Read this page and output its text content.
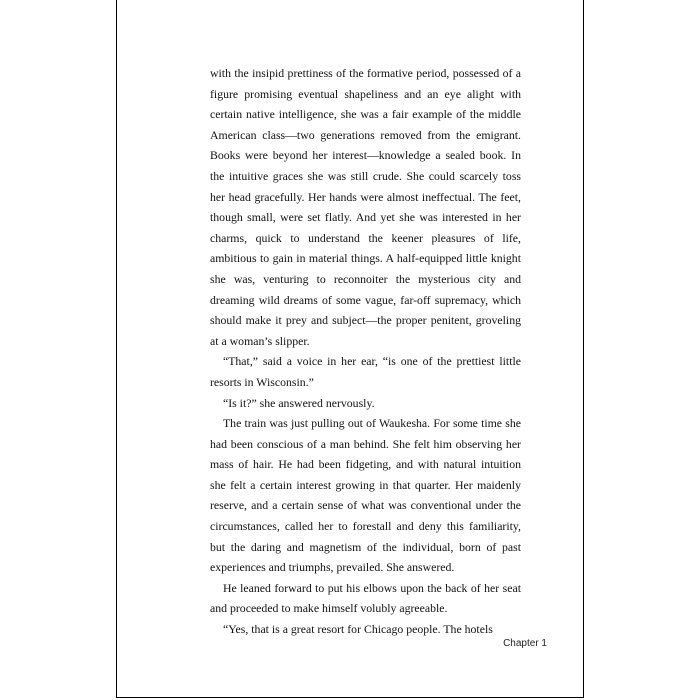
with the insipid prettiness of the formative period, possessed of a figure promising eventual shapeliness and an eye alight with certain native intelligence, she was a fair example of the middle American class—two generations removed from the emigrant. Books were beyond her interest—knowledge a sealed book. In the intuitive graces she was still crude. She could scarcely toss her head gracefully. Her hands were almost ineffectual. The feet, though small, were set flatly. And yet she was interested in her charms, quick to understand the keener pleasures of life, ambitious to gain in material things. A half-equipped little knight she was, venturing to reconnoiter the mysterious city and dreaming wild dreams of some vague, far-off supremacy, which should make it prey and subject—the proper penitent, groveling at a woman’s slipper.

“That,” said a voice in her ear, “is one of the prettiest little resorts in Wisconsin.”

“Is it?” she answered nervously.

The train was just pulling out of Waukesha. For some time she had been conscious of a man behind. She felt him observing her mass of hair. He had been fidgeting, and with natural intuition she felt a certain interest growing in that quarter. Her maidenly reserve, and a certain sense of what was conventional under the circumstances, called her to forestall and deny this familiarity, but the daring and magnetism of the individual, born of past experiences and triumphs, prevailed. She answered.

He leaned forward to put his elbows upon the back of her seat and proceeded to make himself volubly agreeable.

“Yes, that is a great resort for Chicago people. The hotels

Chapter 1
